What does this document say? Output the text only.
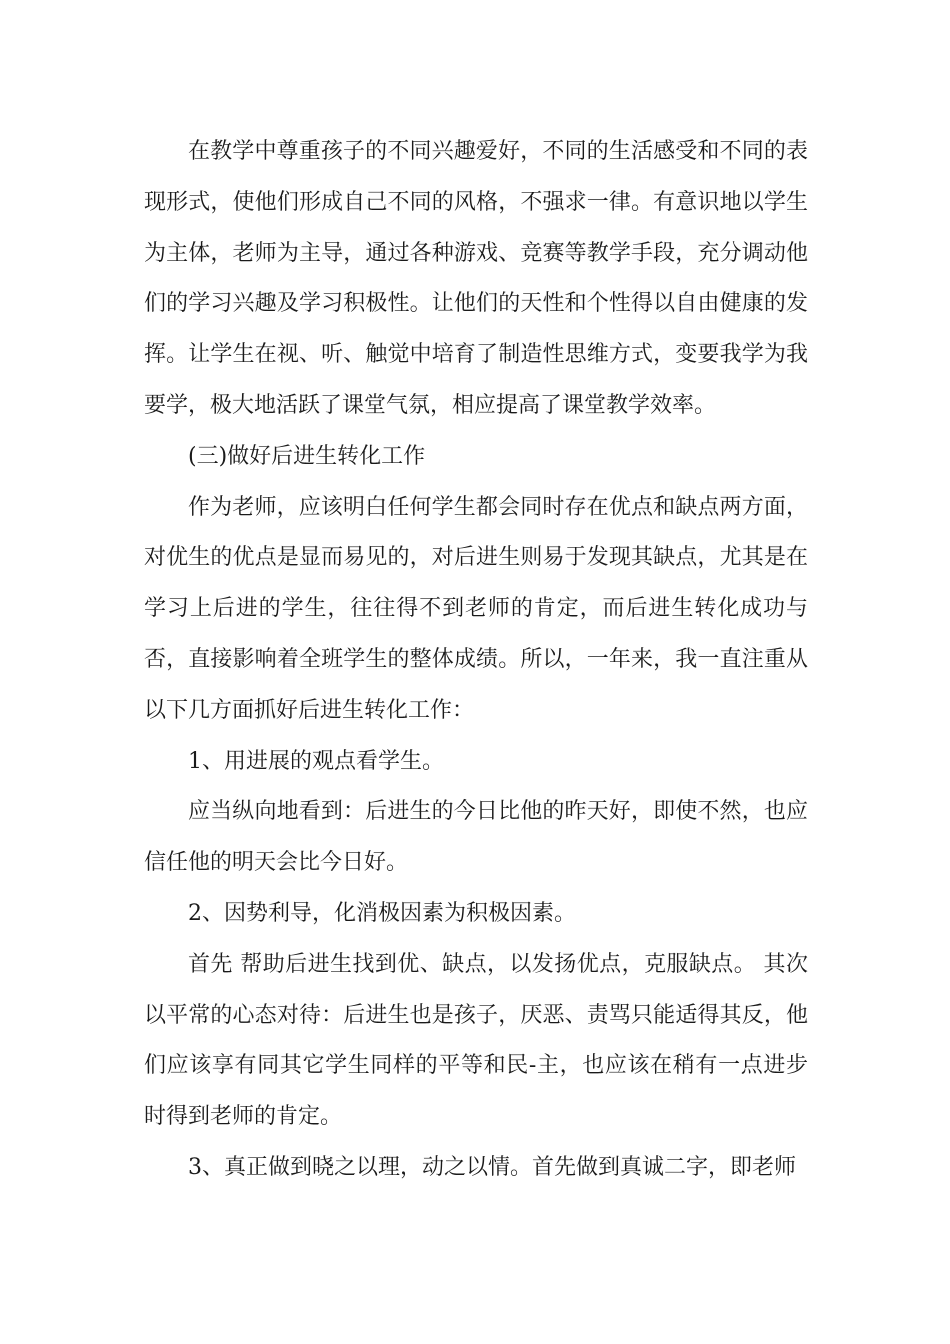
在教学中尊重孩子的不同兴趣爱好，不同的生活感受和不同的表现形式，使他们形成自己不同的风格，不强求一律。有意识地以学生为主体，老师为主导，通过各种游戏、竞赛等教学手段，充分调动他们的学习兴趣及学习积极性。让他们的天性和个性得以自由健康的发挥。让学生在视、听、触觉中培育了制造性思维方式，变要我学为我要学，极大地活跃了课堂气氛，相应提高了课堂教学效率。

(三)做好后进生转化工作

作为老师，应该明白任何学生都会同时存在优点和缺点两方面，对优生的优点是显而易见的，对后进生则易于发现其缺点，尤其是在学习上后进的学生，往往得不到老师的肯定，而后进生转化成功与否，直接影响着全班学生的整体成绩。所以，一年来，我一直注重从以下几方面抓好后进生转化工作：

1、用进展的观点看学生。

应当纵向地看到：后进生的今日比他的昨天好，即使不然，也应信任他的明天会比今日好。

2、因势利导，化消极因素为积极因素。

首先 帮助后进生找到优、缺点，以发扬优点，克服缺点。 其次以平常的心态对待：后进生也是孩子，厌恶、责骂只能适得其反，他们应该享有同其它学生同样的平等和民-主，也应该在稍有一点进步时得到老师的肯定。

3、真正做到晓之以理，动之以情。首先做到真诚二字，即老师
